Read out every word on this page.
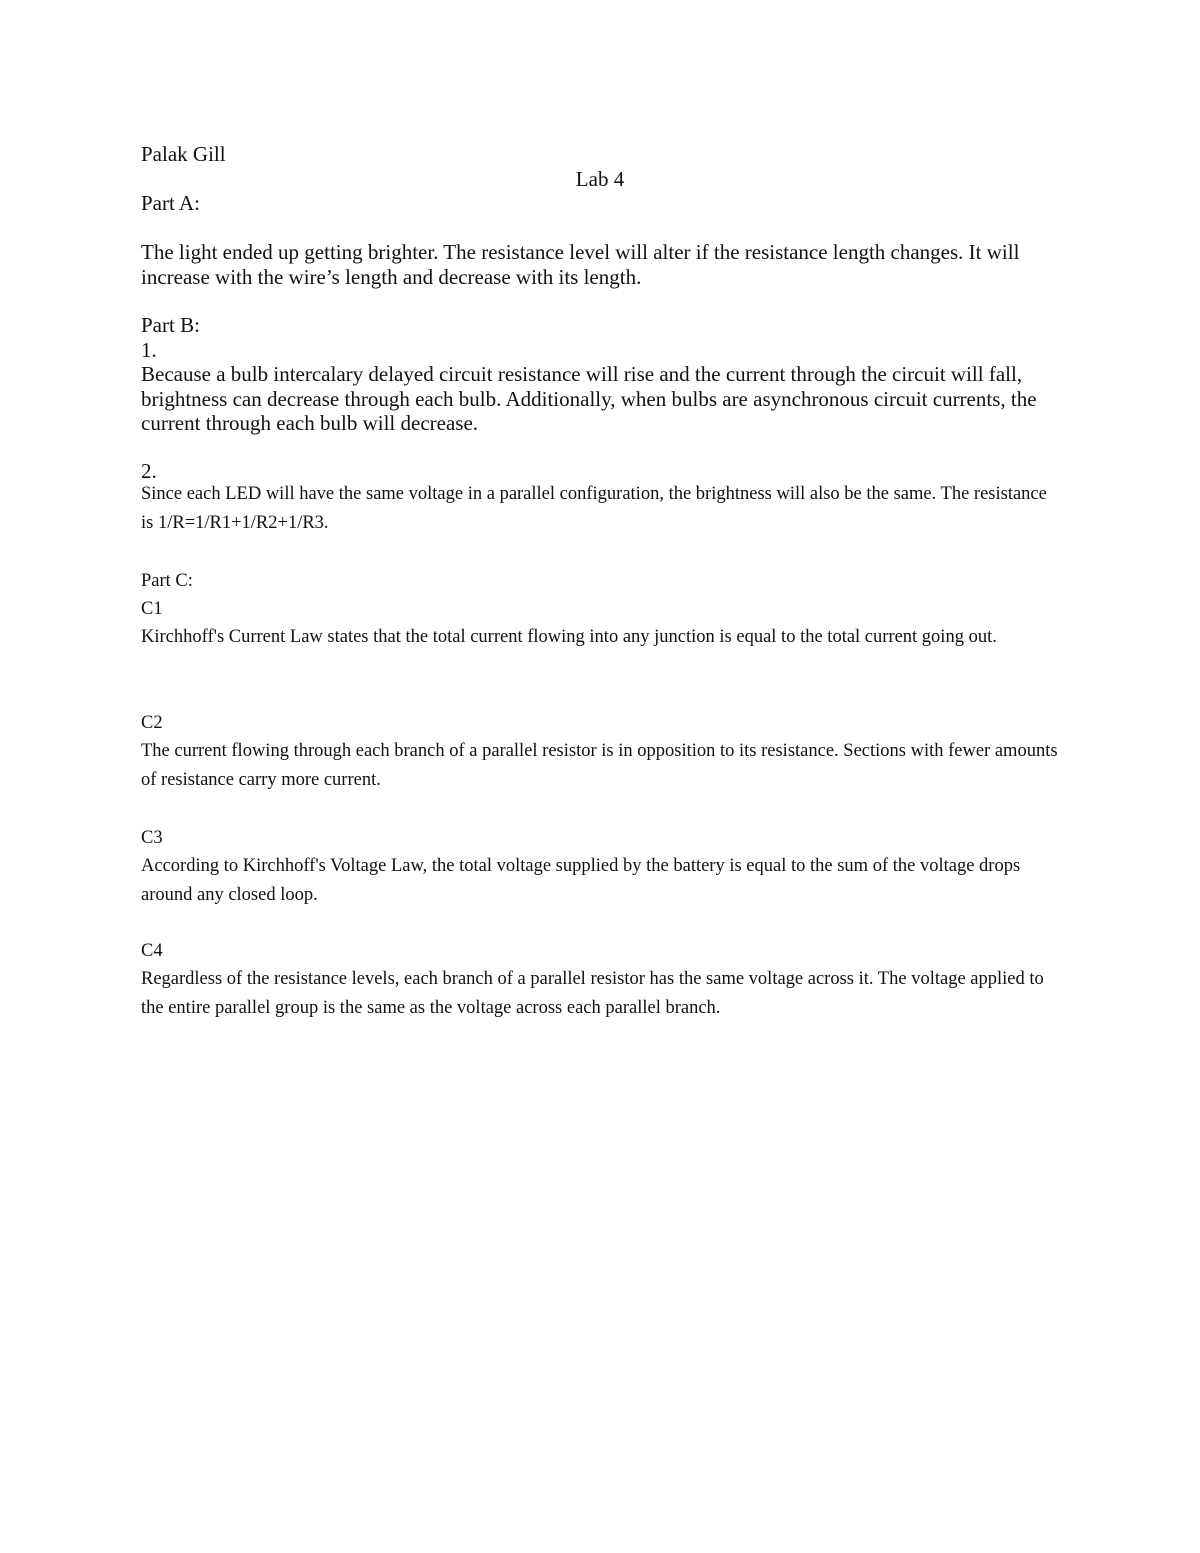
Palak Gill

Lab 4

Part A:

The light ended up getting brighter. The resistance level will alter if the resistance length changes. It will increase with the wire’s length and decrease with its length.

Part B:

1.

Because a bulb intercalary delayed circuit resistance will rise and the current through the circuit will fall, brightness can decrease through each bulb. Additionally, when bulbs are asynchronous circuit currents, the current through each bulb will decrease.

2.

Since each LED will have the same voltage in a parallel configuration, the brightness will also be the same. The resistance is 1/R=1/R1+1/R2+1/R3.

Part C:

C1

Kirchhoff's Current Law states that the total current flowing into any junction is equal to the total current going out.

C2

The current flowing through each branch of a parallel resistor is in opposition to its resistance. Sections with fewer amounts of resistance carry more current.

C3

According to Kirchhoff's Voltage Law, the total voltage supplied by the battery is equal to the sum of the voltage drops around any closed loop.

C4

Regardless of the resistance levels, each branch of a parallel resistor has the same voltage across it. The voltage applied to the entire parallel group is the same as the voltage across each parallel branch.
